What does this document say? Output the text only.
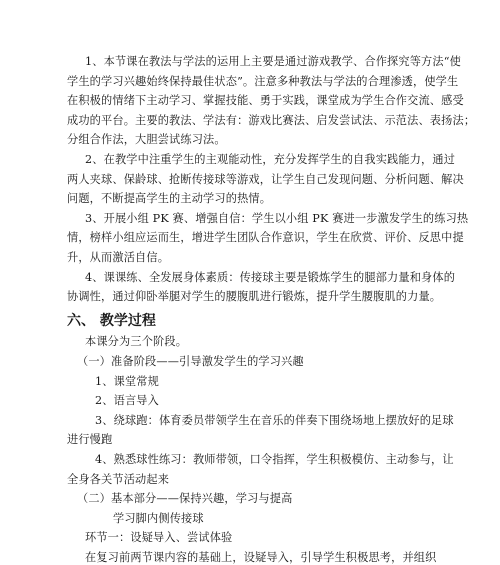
1、本节课在教法与学法的运用上主要是通过游戏教学、合作探究等方法“使
学生的学习兴趣始终保持最佳状态”。注意多种教法与学法的合理渗透，使学生
在积极的情绪下主动学习、掌握技能、勇于实践，课堂成为学生合作交流、感受
成功的平台。主要的教法、学法有：游戏比赛法、启发尝试法、示范法、表扬法；
分组合作法，大胆尝试练习法。
2、在教学中注重学生的主观能动性，充分发挥学生的自我实践能力，通过
两人夹球、保龄球、抢断传接球等游戏，让学生自己发现问题、分析问题、解决
问题，不断提高学生的主动学习的热情。
3、开展小组 PK 赛、增强自信：学生以小组 PK 赛进一步激发学生的练习热
情，榜样小组应运而生，增进学生团队合作意识，学生在欣赏、评价、反思中提
升，从而激活自信。
4、课课练、全发展身体素质：传接球主要是锻炼学生的腿部力量和身体的
协调性，通过仰卧举腿对学生的腰腹肌进行锻炼，提升学生腰腹肌的力量。
六、 教学过程
本课分为三个阶段。
（一）准备阶段——引导激发学生的学习兴趣
1、课堂常规
2、语言导入
3、绕球跑：体育委员带领学生在音乐的伴奏下围绕场地上摆放好的足球
进行慢跑
4、熟悉球性练习：教师带领，口令指挥，学生积极模仿、主动参与，让
全身各关节活动起来
（二）基本部分——保持兴趣，学习与提高
学习脚内侧传接球
环节一：设疑导入、尝试体验
在复习前两节课内容的基础上，设疑导入，引导学生积极思考，并组织
